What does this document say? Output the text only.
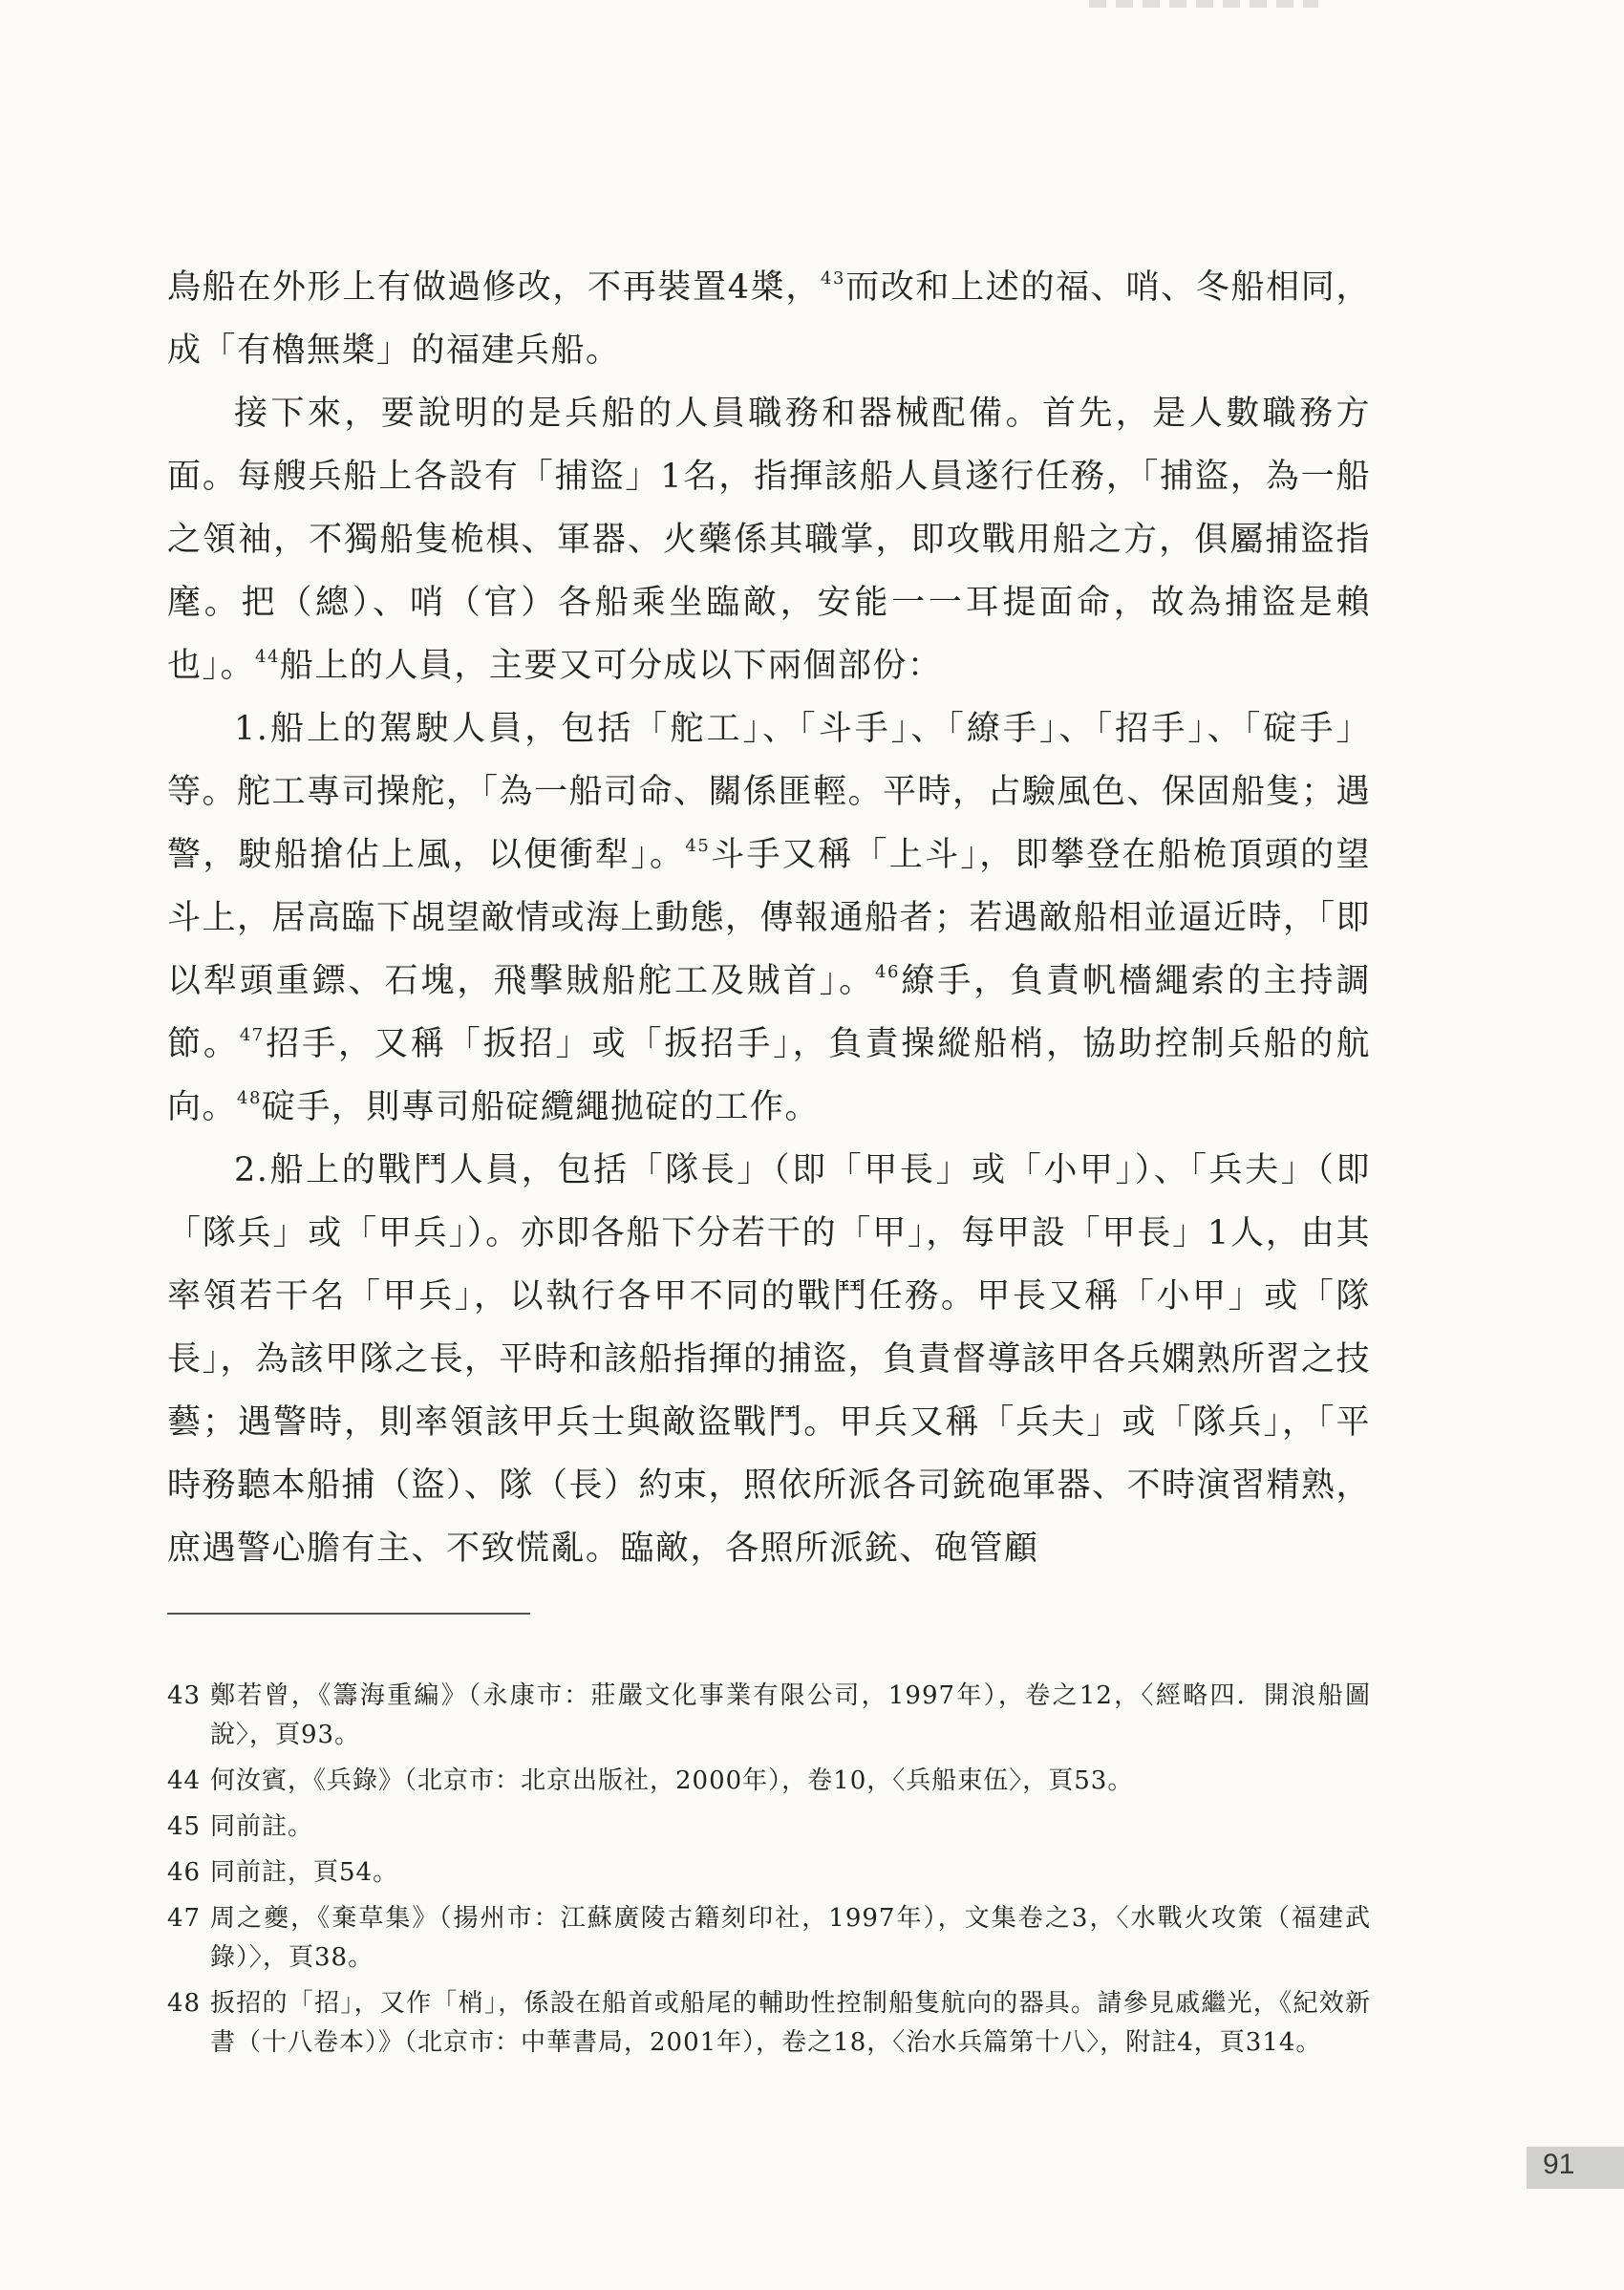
鳥船在外形上有做過修改，不再裝置4槳，$^{43}$而改和上述的福、哨、冬船相同，成「有櫓無槳」的福建兵船。

接下來，要說明的是兵船的人員職務和器械配備。首先，是人數職務方面。每艘兵船上各設有「捕盜」1名，指揮該船人員遂行任務，「捕盜，為一船之領袖，不獨船隻桅椇、軍器、火藥係其職掌，即攻戰用船之方，俱屬捕盜指麾。把（總）、哨（官）各船乘坐臨敵，安能一一耳提面命，故為捕盜是賴也」。$^{44}$船上的人員，主要又可分成以下兩個部份：

1.船上的駕駛人員，包括「舵工」、「斗手」、「繚手」、「招手」、「碇手」等。舵工專司操舵，「為一船司命、關係匪輕。平時，占驗風色、保固船隻；遇警，駛船搶佔上風，以便衝犁」。$^{45}$斗手又稱「上斗」，即攀登在船桅頂頭的望斗上，居高臨下覘望敵情或海上動態，傳報通船者；若遇敵船相並逼近時，「即以犁頭重鏢、石塊，飛擊賊船舵工及賊首」。$^{46}$繚手，負責帆檣繩索的主持調節。$^{47}$招手，又稱「扳招」或「扳招手」，負責操縱船梢，協助控制兵船的航向。$^{48}$碇手，則專司船碇纜繩拋碇的工作。

2.船上的戰鬥人員，包括「隊長」（即「甲長」或「小甲」）、「兵夫」（即「隊兵」或「甲兵」）。亦即各船下分若干的「甲」，每甲設「甲長」1人，由其率領若干名「甲兵」，以執行各甲不同的戰鬥任務。甲長又稱「小甲」或「隊長」，為該甲隊之長，平時和該船指揮的捕盜，負責督導該甲各兵嫻熟所習之技藝；遇警時，則率領該甲兵士與敵盜戰鬥。甲兵又稱「兵夫」或「隊兵」，「平時務聽本船捕（盜）、隊（長）約束，照依所派各司銃砲軍器、不時演習精熟，庶遇警心膽有主、不致慌亂。臨敵，各照所派銃、砲管顧

43 鄭若曾，《籌海重編》（永康市：莊嚴文化事業有限公司，1997年），卷之12，〈經略四．開浪船圖說〉，頁93。
44 何汝賓，《兵錄》（北京市：北京出版社，2000年），卷10，〈兵船束伍〉，頁53。
45 同前註。
46 同前註，頁54。
47 周之夔，《棄草集》（揚州市：江蘇廣陵古籍刻印社，1997年），文集卷之3，〈水戰火攻策（福建武錄）〉，頁38。
48 扳招的「招」，又作「梢」，係設在船首或船尾的輔助性控制船隻航向的器具。請參見戚繼光，《紀效新書（十八卷本）》（北京市：中華書局，2001年），卷之18，〈治水兵篇第十八〉，附註4，頁314。
91
